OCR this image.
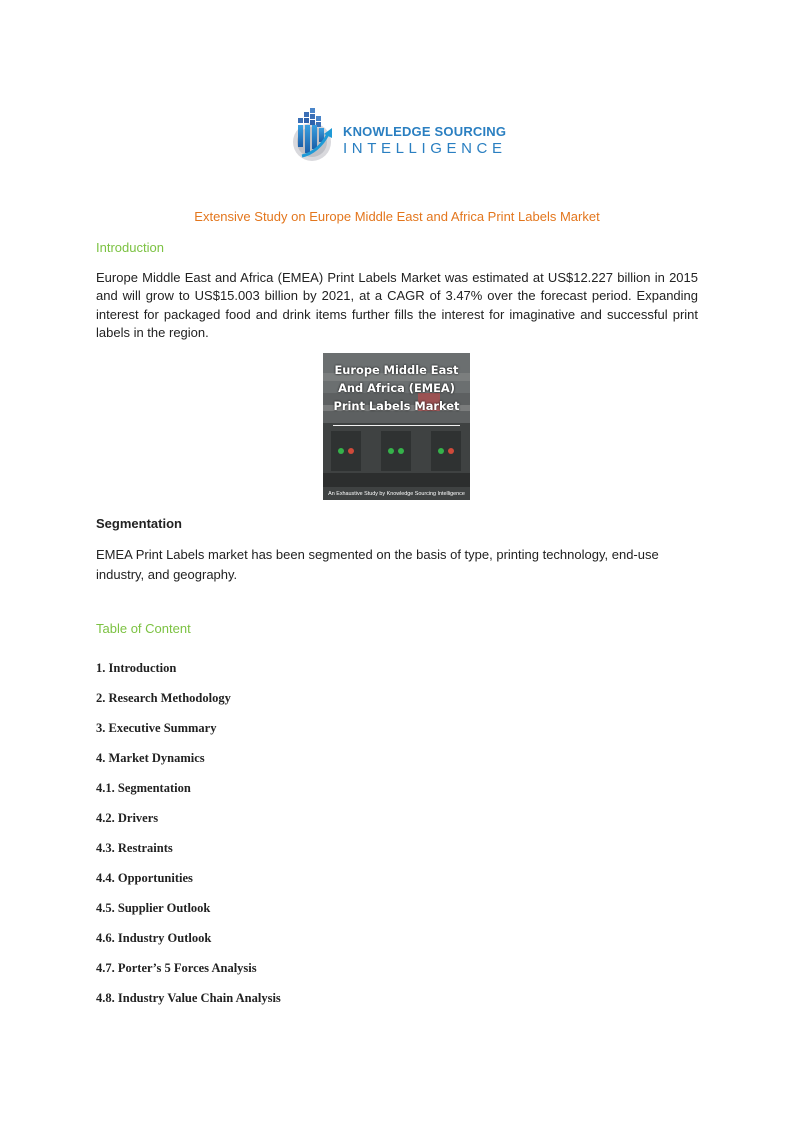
KNOWLEDGE SOURCING
INTELLIGENCE
Extensive Study on Europe Middle East and Africa Print Labels Market
Introduction
Europe Middle East and Africa (EMEA) Print Labels Market was estimated at US$12.227 billion in 2015 and will grow to US$15.003 billion by 2021, at a CAGR of 3.47% over the forecast period. Expanding interest for packaged food and drink items further fills the interest for imaginative and successful print labels in the region.
Europe Middle East
And Africa (EMEA)
Print Labels Market
An Exhaustive Study by Knowledge Sourcing Intelligence
Segmentation
EMEA Print Labels market has been segmented on the basis of type, printing technology, end-use industry, and geography.
Table of Content
1. Introduction
2. Research Methodology
3. Executive Summary
4. Market Dynamics
4.1. Segmentation
4.2. Drivers
4.3. Restraints
4.4. Opportunities
4.5. Supplier Outlook
4.6. Industry Outlook
4.7. Porter’s 5 Forces Analysis
4.8. Industry Value Chain Analysis
